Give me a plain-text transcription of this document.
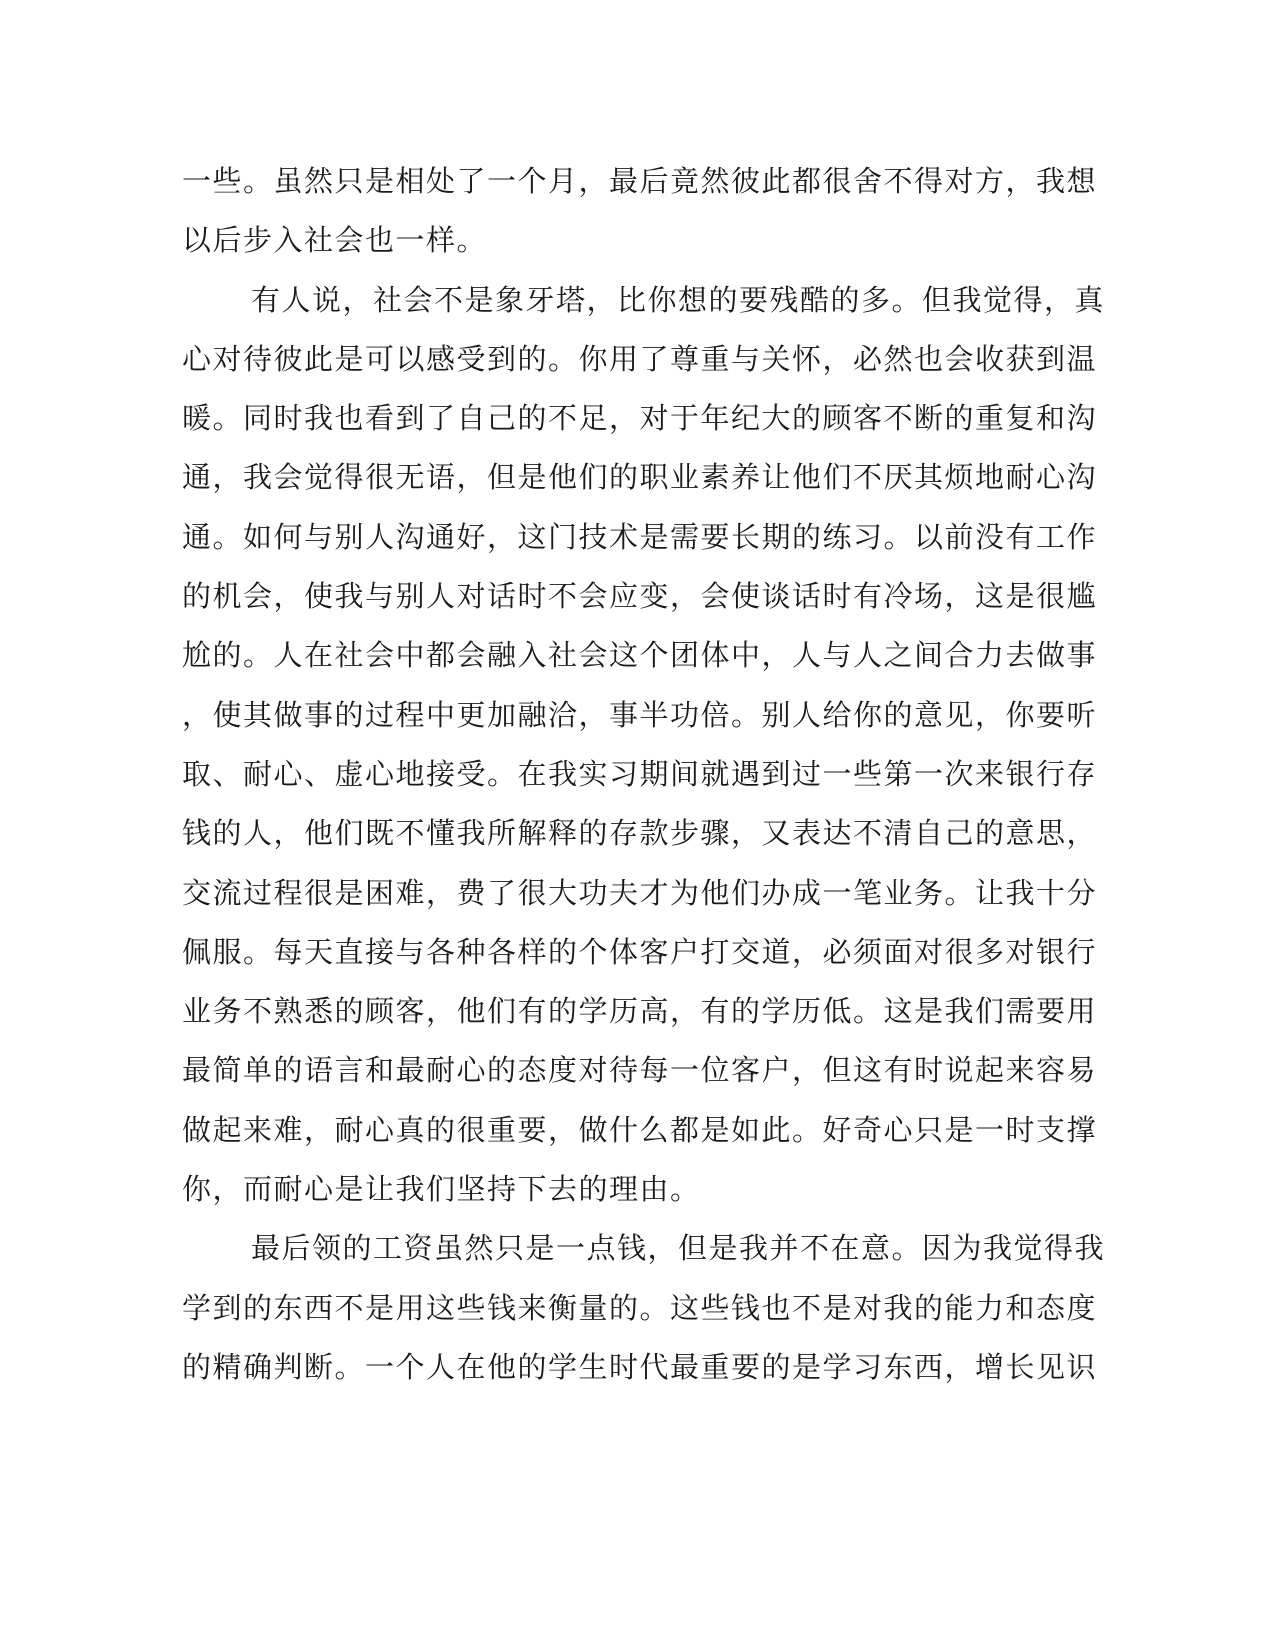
一些。虽然只是相处了一个月，最后竟然彼此都很舍不得对方，我想
以后步入社会也一样。
有人说，社会不是象牙塔，比你想的要残酷的多。但我觉得，真
心对待彼此是可以感受到的。你用了尊重与关怀，必然也会收获到温
暖。同时我也看到了自己的不足，对于年纪大的顾客不断的重复和沟
通，我会觉得很无语，但是他们的职业素养让他们不厌其烦地耐心沟
通。如何与别人沟通好，这门技术是需要长期的练习。以前没有工作
的机会，使我与别人对话时不会应变，会使谈话时有冷场，这是很尴
尬的。人在社会中都会融入社会这个团体中，人与人之间合力去做事
，使其做事的过程中更加融洽，事半功倍。别人给你的意见，你要听
取、耐心、虚心地接受。在我实习期间就遇到过一些第一次来银行存
钱的人，他们既不懂我所解释的存款步骤，又表达不清自己的意思，
交流过程很是困难，费了很大功夫才为他们办成一笔业务。让我十分
佩服。每天直接与各种各样的个体客户打交道，必须面对很多对银行
业务不熟悉的顾客，他们有的学历高，有的学历低。这是我们需要用
最简单的语言和最耐心的态度对待每一位客户，但这有时说起来容易
做起来难，耐心真的很重要，做什么都是如此。好奇心只是一时支撑
你，而耐心是让我们坚持下去的理由。
最后领的工资虽然只是一点钱，但是我并不在意。因为我觉得我
学到的东西不是用这些钱来衡量的。这些钱也不是对我的能力和态度
的精确判断。一个人在他的学生时代最重要的是学习东西，增长见识
